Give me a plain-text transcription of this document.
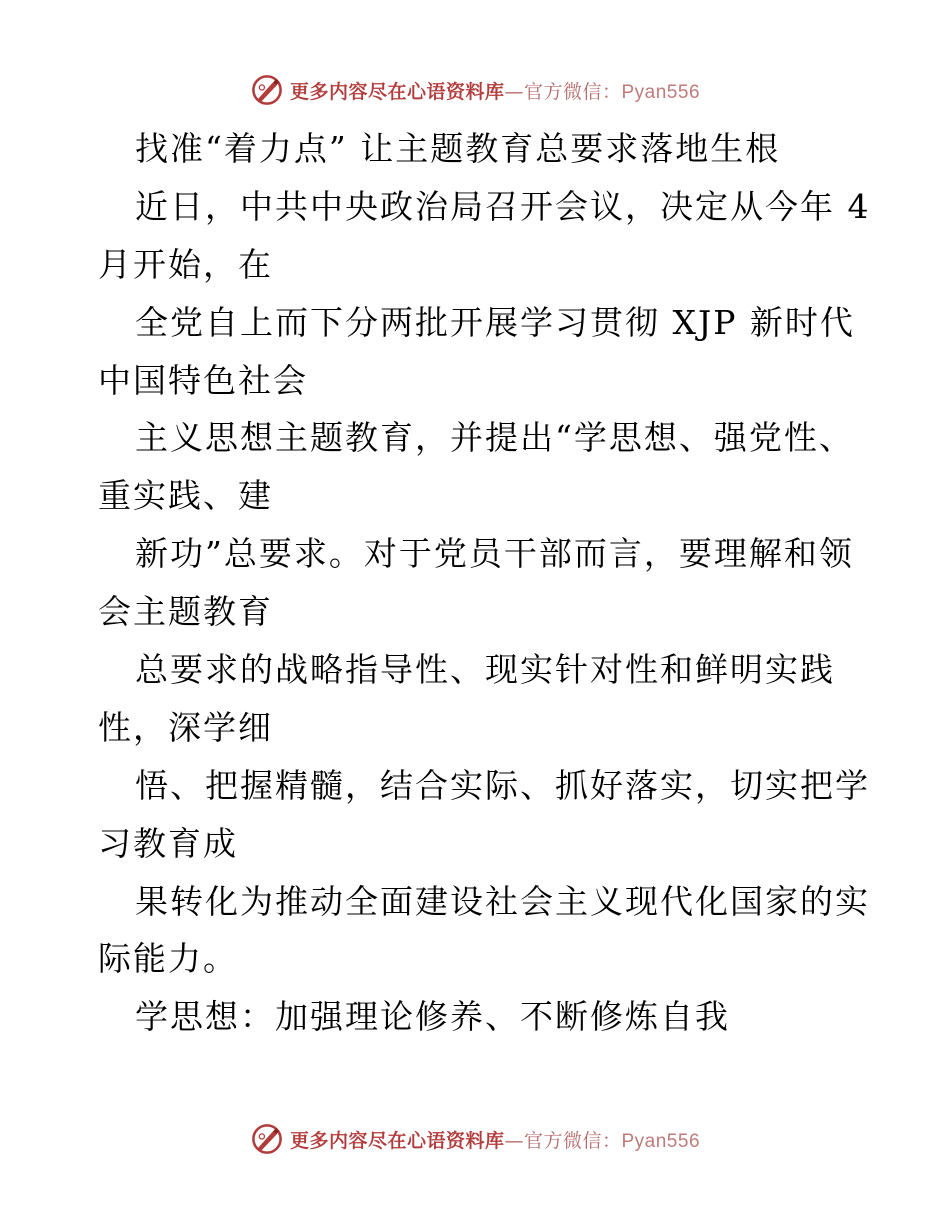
更多内容尽在心语资料库—官方微信：Pyan556
找准“着力点” 让主题教育总要求落地生根
近日，中共中央政治局召开会议，决定从今年 4
月开始，在
全党自上而下分两批开展学习贯彻 XJP 新时代
中国特色社会
主义思想主题教育，并提出“学思想、强党性、
重实践、建
新功”总要求。对于党员干部而言，要理解和领
会主题教育
总要求的战略指导性、现实针对性和鲜明实践
性，深学细
悟、把握精髓，结合实际、抓好落实，切实把学
习教育成
果转化为推动全面建设社会主义现代化国家的实
际能力。
学思想：加强理论修养、不断修炼自我
更多内容尽在心语资料库—官方微信：Pyan556
